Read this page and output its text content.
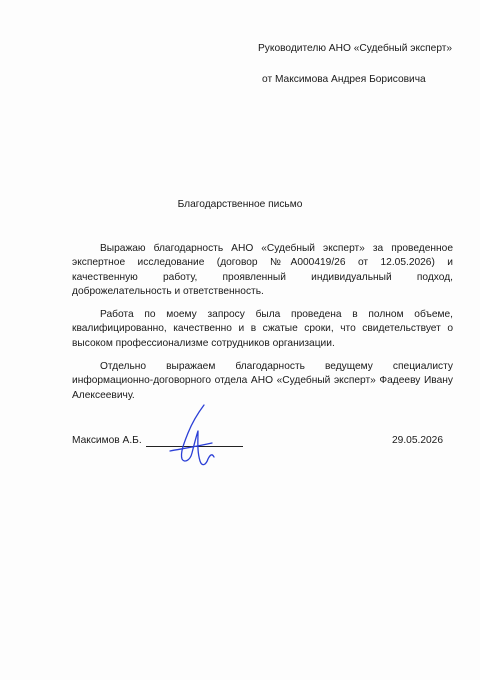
Руководителю АНО «Судебный эксперт»
от Максимова Андрея Борисовича
Благодарственное письмо

Выражаю благодарность АНО «Судебный эксперт» за проведенное экспертное исследование (договор №А000419/26 от 12.05.2026) и качественную работу, проявленный индивидуальный подход, доброжелательность и ответственность.

Работа по моему запросу была проведена в полном объеме, квалифицированно, качественно и в сжатые сроки, что свидетельствует о высоком профессионализме сотрудников организации.

Отдельно выражаем благодарность ведущему специалисту информационно-договорного отдела АНО «Судебный эксперт» Фадееву Ивану Алексеевичу.

Максимов А.Б.	29.05.2026
